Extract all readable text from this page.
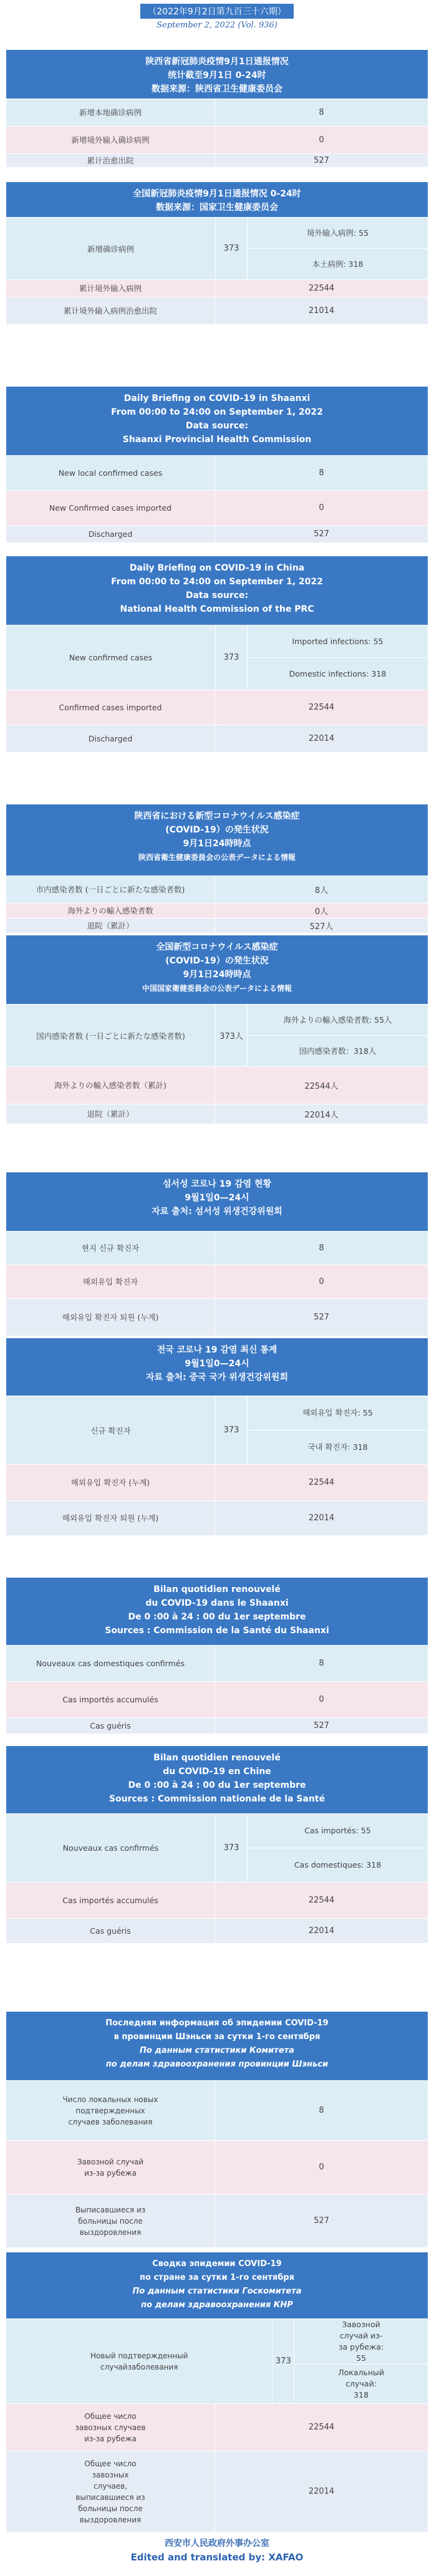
（2022年9月2日第九百三十六期）
September 2, 2022 (Vol. 936)
陕西省新冠肺炎疫情9月1日通报情况
统计截至9月1日 0-24时
数据来源：陕西省卫生健康委员会
新增本地确诊病例	8
新增境外输入确诊病例	0
累计治愈出院	527
全国新冠肺炎疫情9月1日通报情况 0-24时
数据来源：国家卫生健康委员会
新增确诊病例	373
境外输入病例: 55
本土病例: 318
累计境外输入病例	22544
累计境外输入病例治愈出院	21014
Daily Briefing on COVID-19 in Shaanxi
From 00:00 to 24:00 on September 1, 2022
Data source:
Shaanxi Provincial Health Commission
New local confirmed cases	8
New Confirmed cases imported	0
Discharged	527
Daily Briefing on COVID-19 in China
From 00:00 to 24:00 on September 1, 2022
Data source:
National Health Commission of the PRC
New confirmed cases	373
Imported infections: 55
Domestic infections: 318
Confirmed cases imported	22544
Discharged	22014
陕西省における新型コロナウイルス感染症
(COVID-19）の発生状況
9月1日24時時点
陕西省衛生健康委員会の公表データによる情報
市内感染者数 (一日ごとに新たな感染者数)	8人
海外よりの輸入感染者数	0人
退院（累計）	527人
全国新型コロナウイルス感染症
(COVID-19）の発生状況
9月1日24時時点
中国国家衛健委員会の公表データによる情報
国内感染者数 (一日ごとに新たな感染者数)	373人
海外よりの輸入感染者数: 55人
国内感染者数：318人
海外よりの輸入感染者数（累計)	22544人
退院（累計）	22014人
섬서성 코로나 19 감염 현황
9월1일0—24시
자료 출처: 섬서성 위생건강위원회
현지 신규 확진자	8
해외유입 확진자	0
해외유입 확진자 퇴원 (누계)	527
전국 코로나 19 감염 최신 통계
9월1일0—24시
자료 출처: 중국 국가 위생건강위원회
신규 확진자	373
해외유입 확진자: 55
국내 확진자: 318
해외유입 확진자 (누계)	22544
해외유입 확진자 퇴원 (누계)	22014
Bilan quotidien renouvelé
du COVID-19 dans le Shaanxi
De 0 :00 à 24 : 00 du 1er septembre
Sources : Commission de la Santé du Shaanxi
Nouveaux cas domestiques confirmés	8
Cas importés accumulés	0
Cas guéris	527
Bilan quotidien renouvelé
du COVID-19 en Chine
De 0 :00 à 24 : 00 du 1er septembre
Sources : Commission nationale de la Santé
Nouveaux cas confirmés	373
Cas importés: 55
Cas domestiques: 318
Cas importés accumulés	22544
Cas guéris	22014
Последняя информация об эпидемии COVID-19
в провинции Шэньси за сутки 1-го сентября
По данным статистики Комитета
по делам здравоохранения провинции Шэньси
Число локальных новых подтвержденных случаев заболевания
8
Завозной случай из-за рубежа
0
Выписавшиеся из больницы после выздоровления
527
Сводка эпидемии COVID-19
по стране за сутки 1-го сентября
По данным статистики Госкомитета
по делам здравоохранения КНР
Новый подтвержденный случайзаболевания
373
Завозной случай из-за рубежа: 55
Локальный случай: 318
Общее число завозных случаев из-за рубежа
22544
Общее число завозных случаев, выписавшиеся из больницы после выздоровления
22014
西安市人民政府外事办公室
Edited and translated by: XAFAO
